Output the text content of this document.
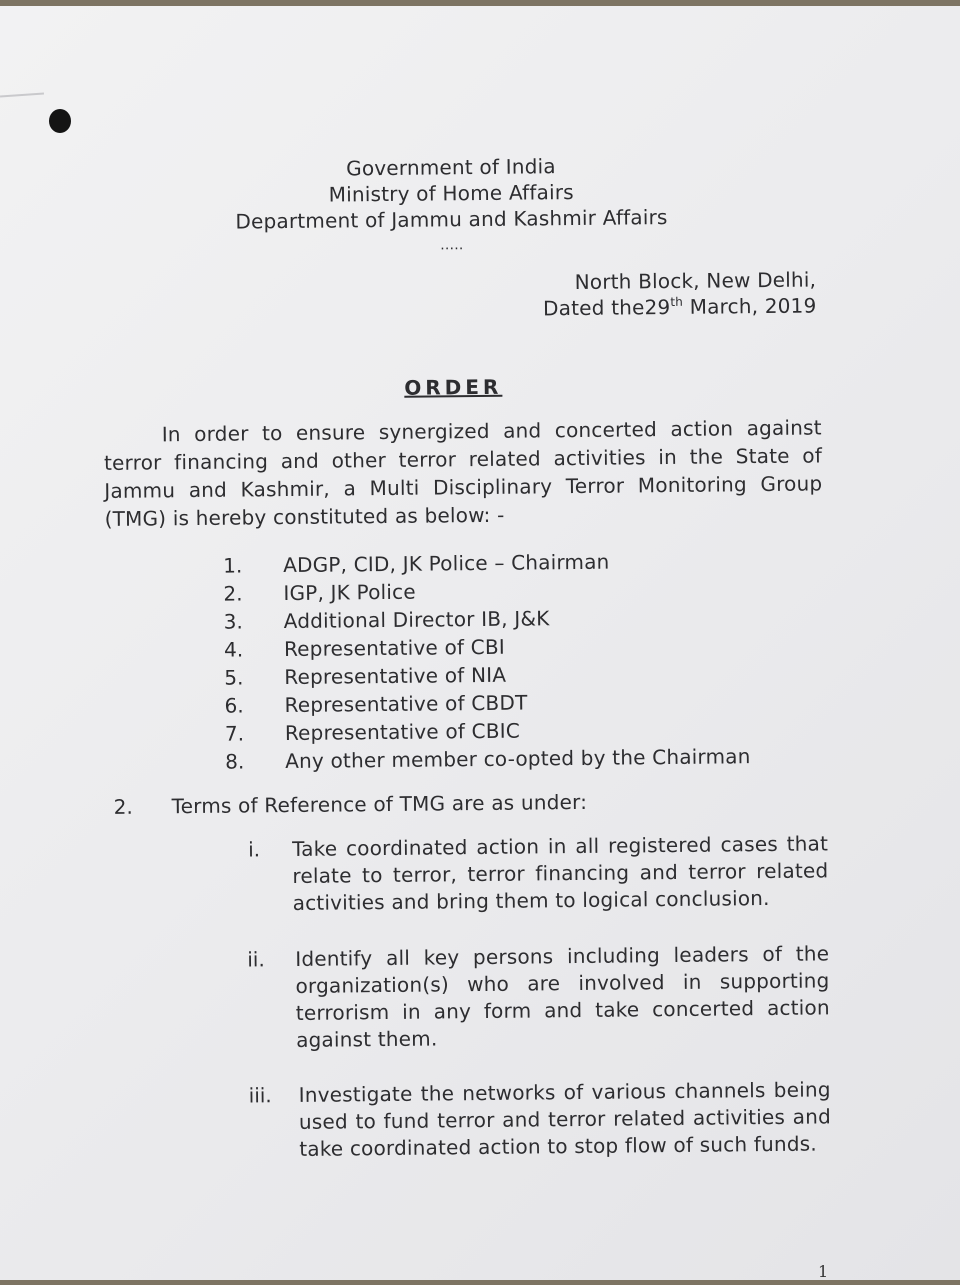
Government of India
Ministry of Home Affairs
Department of Jammu and Kashmir Affairs
…..
North Block, New Delhi,
Dated the29th March, 2019
ORDER
In order to ensure synergized and concerted action against
terror financing and other terror related activities in the State of
Jammu and Kashmir, a Multi Disciplinary Terror Monitoring Group
(TMG) is hereby constituted as below: -
1. ADGP, CID, JK Police – Chairman
2. IGP, JK Police
3. Additional Director IB, J&K
4. Representative of CBI
5. Representative of NIA
6. Representative of CBDT
7. Representative of CBIC
8. Any other member co-opted by the Chairman
2. Terms of Reference of TMG are as under:
i. Take coordinated action in all registered cases that
relate to terror, terror financing and terror related
activities and bring them to logical conclusion.
ii. Identify all key persons including leaders of the
organization(s) who are involved in supporting
terrorism in any form and take concerted action
against them.
iii. Investigate the networks of various channels being
used to fund terror and terror related activities and
take coordinated action to stop flow of such funds.
1
